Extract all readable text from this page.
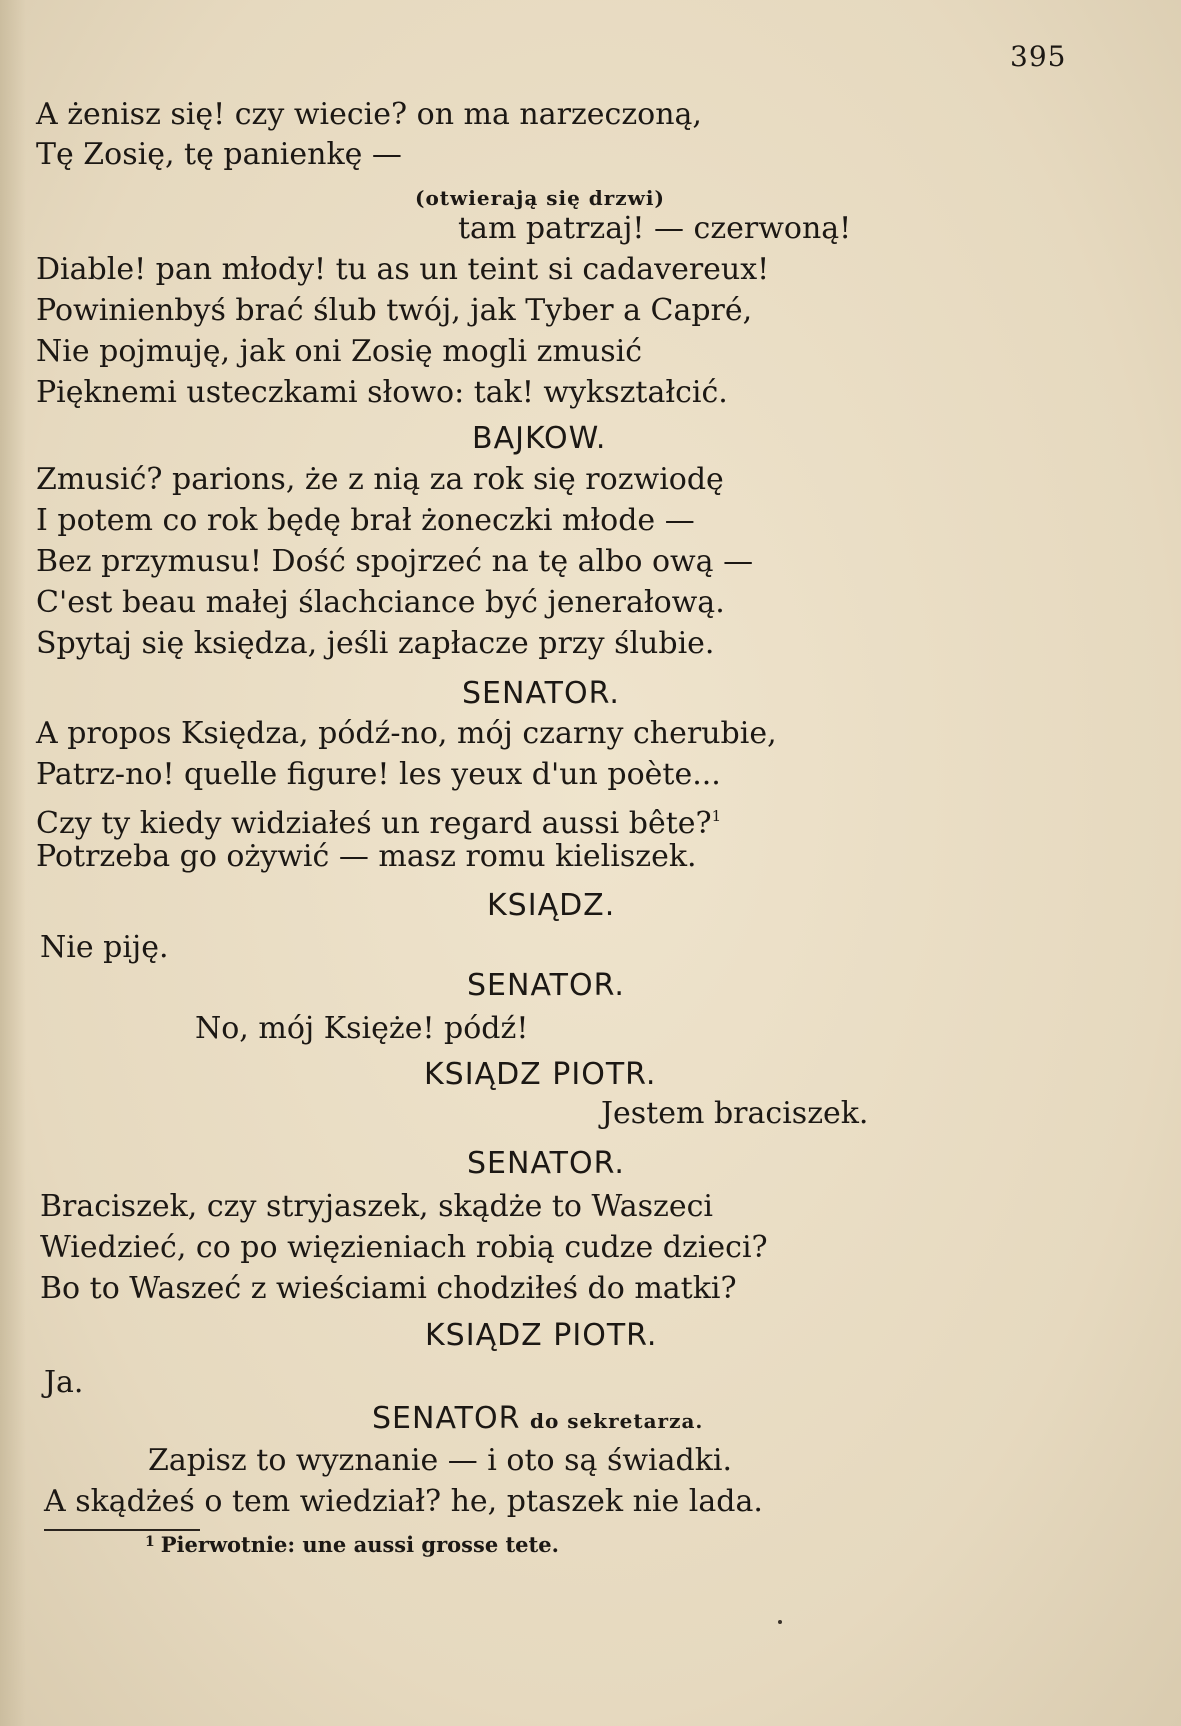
395
A żenisz się! czy wiecie? on ma narzeczoną,
Tę Zosię, tę panienkę —
(otwierają się drzwi)
tam patrzaj! — czerwoną!
Diable! pan młody! tu as un teint si cadavereux!
Powinienbyś brać ślub twój, jak Tyber a Capré,
Nie pojmuję, jak oni Zosię mogli zmusić
Pięknemi usteczkami słowo: tak! wykształcić.
BAJKOW.
Zmusić? parions, że z nią za rok się rozwiodę
I potem co rok będę brał żoneczki młode —
Bez przymusu! Dość spojrzeć na tę albo ową —
C'est beau małej ślachciance być jenerałową.
Spytaj się księdza, jeśli zapłacze przy ślubie.
SENATOR.
A propos Księdza, pódź-no, mój czarny cherubie,
Patrz-no! quelle figure! les yeux d'un poète...
Czy ty kiedy widziałeś un regard aussi bête?$^1$
Potrzeba go ożywić — masz romu kieliszek.
KSIĄDZ.
Nie piję.
SENATOR.
No, mój Księże! pódź!
KSIĄDZ PIOTR.
Jestem braciszek.
SENATOR.
Braciszek, czy stryjaszek, skądże to Waszeci
Wiedzieć, co po więzieniach robią cudze dzieci?
Bo to Waszeć z wieściami chodziłeś do matki?
KSIĄDZ PIOTR.
Ja.
SENATOR do sekretarza.
Zapisz to wyznanie — i oto są świadki.
A skądżeś o tem wiedział? he, ptaszek nie lada.
$^1$ Pierwotnie: une aussi grosse tete.
